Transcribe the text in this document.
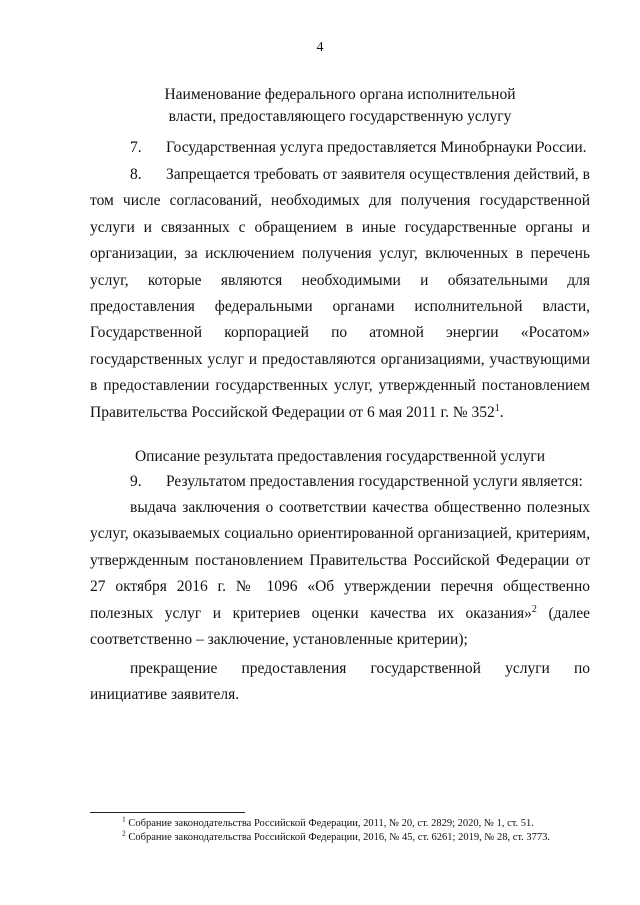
4
Наименование федерального органа исполнительной
власти, предоставляющего государственную услугу

7. Государственная услуга предоставляется Минобрнауки России.

8. Запрещается требовать от заявителя осуществления действий, в том числе согласований, необходимых для получения государственной услуги и связанных с обращением в иные государственные органы и организации, за исключением получения услуг, включенных в перечень услуг, которые являются необходимыми и обязательными для предоставления федеральными органами исполнительной власти, Государственной корпорацией по атомной энергии «Росатом» государственных услуг и предоставляются организациями, участвующими в предоставлении государственных услуг, утвержденный постановлением Правительства Российской Федерации от 6 мая 2011 г. № $352^1$.

Описание результата предоставления государственной услуги

9. Результатом предоставления государственной услуги является:

выдача заключения о соответствии качества общественно полезных услуг, оказываемых социально ориентированной организацией, критериям, утвержденным постановлением Правительства Российской Федерации от 27 октября 2016 г. № 1096 «Об утверждении перечня общественно полезных услуг и критериев оценки качества их оказания»$^2$ (далее соответственно – заключение, установленные критерии);

прекращение предоставления государственной услуги по инициативе заявителя.

$^1$ Собрание законодательства Российской Федерации, 2011, № 20, ст. 2829; 2020, № 1, ст. 51.
$^2$ Собрание законодательства Российской Федерации, 2016, № 45, ст. 6261; 2019, № 28, ст. 3773.
